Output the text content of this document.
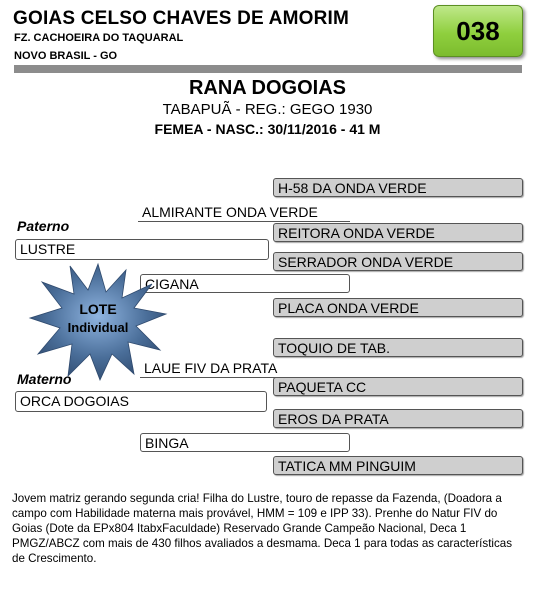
GOIAS CELSO CHAVES DE AMORIM
FZ. CACHOEIRA DO TAQUARAL
NOVO BRASIL - GO
038
RANA DOGOIAS
TABAPUÃ - REG.: GEGO 1930
FEMEA - NASC.: 30/11/2016 - 41 M
H-58 DA ONDA VERDE
ALMIRANTE ONDA VERDE
Paterno	REITORA ONDA VERDE
LUSTRE
SERRADOR ONDA VERDE
CIGANA
PLACA ONDA VERDE
TOQUIO DE TAB.
LAUE FIV DA PRATA
Materno	PAQUETA CC
ORCA DOGOIAS
EROS DA PRATA
BINGA
TATICA MM PINGUIM
LOTE
Individual
Jovem matriz gerando segunda cria! Filha do Lustre, touro de repasse da Fazenda, (Doadora a campo com Habilidade materna mais provável, HMM = 109 e IPP 33). Prenhe do Natur FIV do Goias (Dote da EPx804 ItabxFaculdade) Reservado Grande Campeão Nacional, Deca 1 PMGZ/ABCZ com mais de 430 filhos avaliados a desmama. Deca 1 para todas as características de Crescimento.
